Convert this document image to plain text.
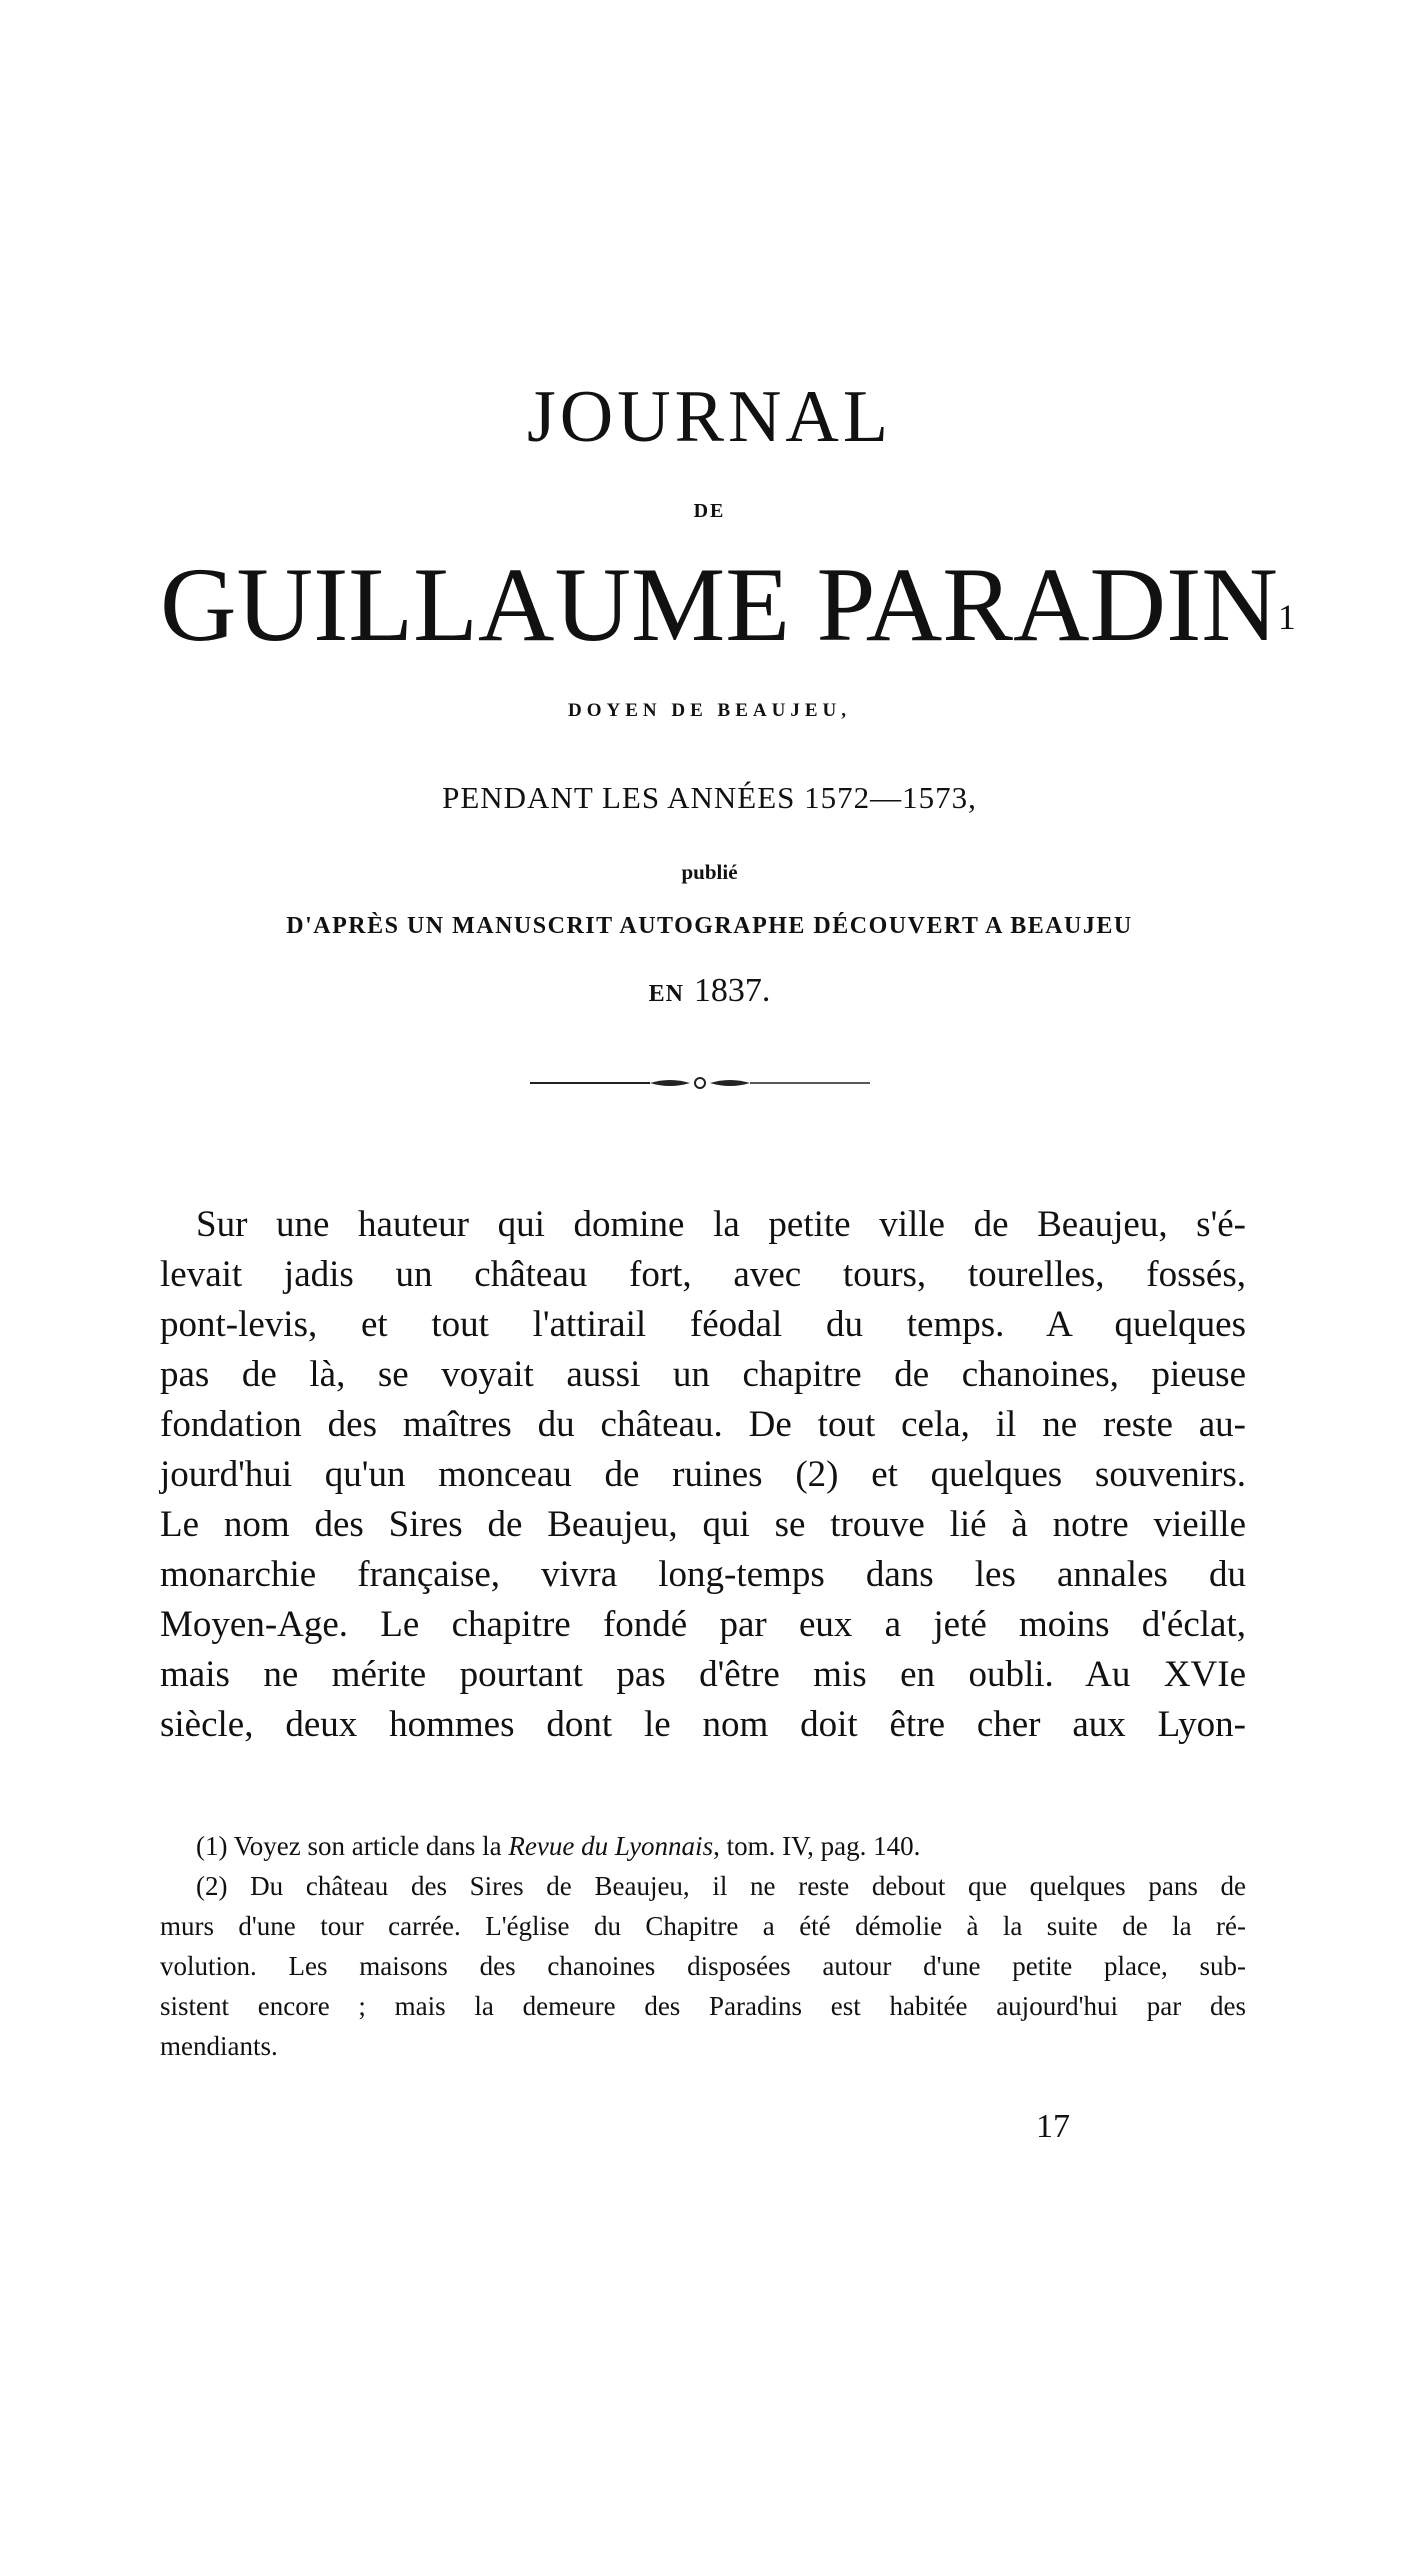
JOURNAL
DE
GUILLAUME PARADIN$^1$
DOYEN DE BEAUJEU,
PENDANT LES ANNÉES 1572—1573,
publié
D'APRÈS UN MANUSCRIT AUTOGRAPHE DÉCOUVERT A BEAUJEU
EN 1837.
Sur une hauteur qui domine la petite ville de Beaujeu, s'é-
levait jadis un château fort, avec tours, tourelles, fossés,
pont-levis, et tout l'attirail féodal du temps. A quelques
pas de là, se voyait aussi un chapitre de chanoines, pieuse
fondation des maîtres du château. De tout cela, il ne reste au-
jourd'hui qu'un monceau de ruines (2) et quelques souvenirs.
Le nom des Sires de Beaujeu, qui se trouve lié à notre vieille
monarchie française, vivra long-temps dans les annales du
Moyen-Age. Le chapitre fondé par eux a jeté moins d'éclat,
mais ne mérite pourtant pas d'être mis en oubli. Au XVIe
siècle, deux hommes dont le nom doit être cher aux Lyon-
(1) Voyez son article dans la Revue du Lyonnais, tom. IV, pag. 140.
(2) Du château des Sires de Beaujeu, il ne reste debout que quelques pans de
murs d'une tour carrée. L'église du Chapitre a été démolie à la suite de la ré-
volution. Les maisons des chanoines disposées autour d'une petite place, sub-
sistent encore ; mais la demeure des Paradins est habitée aujourd'hui par des
mendiants.
17
